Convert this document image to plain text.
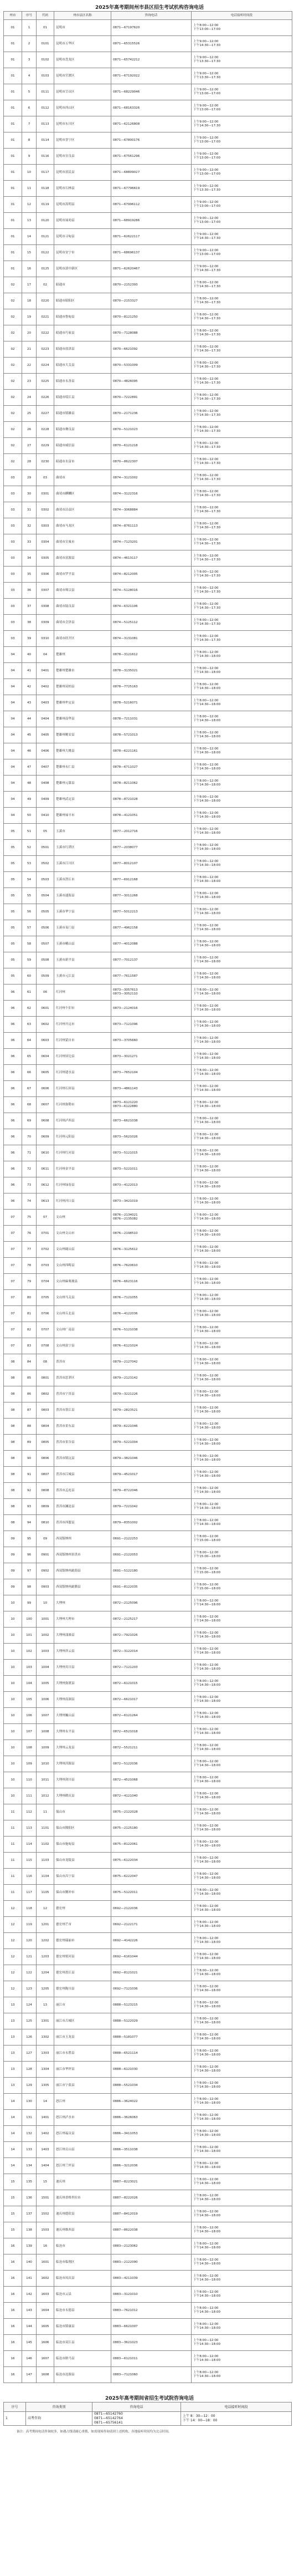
2025年高考期间州市县区招生考试机构咨询电话
州市	序号	代码	州市县区名称	咨询电话	电话接听时间段
01	1	01	昆明市	0871—67197620	上午8:00—12:00
下午13:00—17:00
01	2	0101	昆明市五华区	0871—65315526	上午9:00—12:00
下午14:30—17:30
01	3	0102	昆明市盘龙区	0871—65742212	上午9:00—12:00
下午13:30—17:30
01	4	0103	昆明市官渡区	0871—67192022	上午9:00—12:00
下午13:30—17:30
01	5	0111	昆明市呈贡区	0871—68229046	上午9:00—12:00
下午13:00—17:00
01	6	0112	昆明市西山区	0871—68163326	上午9:00—12:00
下午13:00—17:00
01	7	0113	昆明市东川区	0871—62126808	上午9:00—12:00
下午14:30—17:30
01	8	0114	昆明市晋宁区	0871—67800176	上午9:00—12:00
下午13:00—17:00
01	9	0116	昆明市宜良县	0871—67561296	上午9:00—12:00
下午13:00—17:00
01	10	0117	昆明市富民县	0871—68809027	上午9:00—12:00
下午13:00—17:00
01	11	0118	昆明市石林县	0871—67796619	上午9:00—12:00
下午13:30—17:30
01	12	0119	昆明市嵩明县	0871—67996112	上午9:00—12:00
下午13:00—17:00
01	13	0120	昆明市禄劝县	0871—68919286	上午9:00—12:00
下午13:00—17:00
01	14	0121	昆明市寻甸县	0871—62622117	上午9:00—12:00
下午14:30—17:30
01	15	0122	昆明市安宁市	0871—68696137	上午9:00—12:00
下午13:00—17:00
01	16	0125	昆明市滇中新区	0871—62620467	上午9:00—12:00
下午14:30—17:30
02	17	02	昭通市	0870—2152393	上午8:00—12:00
下午14:30—17:30
02	18	0220	昭通市昭阳区	0870—2153327	上午8:00—12:00
下午14:30—17:30
02	19	0221	昭通市鲁甸县	0870—8121250	上午8:00—12:00
下午14:30—17:30
02	20	0222	昭通市巧家县	0870—7128088	上午8:00—12:00
下午14:30—17:30
02	21	0223	昭通市盐津县	0870—6621092	上午8:00—12:00
下午14:30—17:30
02	22	0224	昭通市大关县	0870—5331009	上午8:00—12:00
下午14:30—17:30
02	23	0225	昭通市永善县	0870—4826095	上午8:00—12:00
下午14:30—17:30
02	24	0226	昭通市绥江县	0870—7222891	上午8:00—12:00
下午14:30—17:30
02	25	0227	昭通市镇雄县	0870—2171236	上午8:00—12:00
下午14:30—17:30
02	26	0228	昭通市彝良县	0870—5121023	上午8:00—12:00
下午14:30—17:30
02	27	0229	昭通市威信县	0870—6121218	上午8:00—12:00
下午14:30—17:30
02	28	0230	昭通市水富市	0870—8622307	上午8:00—12:00
下午14:30—17:30
03	29	03	曲靖市	0874—3121002	上午8:00—12:00
下午14:30—17:30
03	30	0301	曲靖市麒麟区	0874—3122316	上午8:00—12:00
下午14:30—17:30
03	31	0302	曲靖市沾益区	0874—3068884	上午8:00—12:00
下午14:30—17:30
03	32	0303	曲靖市马龙区	0874—8761113	上午8:00—12:00
下午14:30—17:30
03	33	0304	曲靖市宣威市	0874—7123201	上午8:00—12:00
下午14:30—17:30
03	34	0305	曲靖市富源县	0874—4613117	上午8:00—12:00
下午14:30—17:30
03	35	0306	曲靖市罗平县	0874—8212005	上午8:00—12:00
下午14:30—17:30
03	36	0307	曲靖市师宗县	0874—5128016	上午8:00—12:00
下午14:30—17:30
03	37	0308	曲靖市陆良县	0874—6321106	上午8:00—12:00
下午14:30—17:30
03	38	0309	曲靖市会泽县	0874—5125112	上午8:00—12:00
下午14:30—17:30
03	39	0310	曲靖市经开区	0874—3131081	上午8:00—12:00
下午14:30—17:30
04	40	04	楚雄州	0878—3121612	上午8:00—12:00
下午14:30—18:00
04	41	0401	楚雄州楚雄市	0878—3135021	上午8:00—12:00
下午14:30—18:00
04	42	0402	楚雄州双柏县	0878—7725163	上午8:00—12:00
下午14:30—18:00
04	43	0403	楚雄州牟定县	0878—5216071	上午8:00—12:00
下午14:30—18:00
04	44	0404	楚雄州南华县	0878—7211031	上午8:00—12:00
下午14:30—18:00
04	45	0405	楚雄州姚安县	0878—5721013	上午8:00—12:00
下午14:30—18:00
04	46	0406	楚雄州大姚县	0878—6221161	上午8:00—12:00
下午14:30—18:00
04	47	0407	楚雄州永仁县	0878—6711027	上午8:00—12:00
下午14:30—18:00
04	48	0408	楚雄州元谋县	0878—8211062	上午8:00—12:00
下午14:30—18:00
04	49	0409	楚雄州武定县	0878—8721028	上午8:00—12:00
下午14:30—18:00
04	50	0410	楚雄州禄丰市	0878—4121051	上午8:00—12:00
下午14:30—18:00
05	51	05	玉溪市	0877—2012716	上午8:00—12:00
下午14:30—18:00
05	52	0501	玉溪市红塔区	0877—2038077	上午8:00—12:00
下午14:30—18:00
05	53	0502	玉溪市江川区	0877—8012107	上午8:00—12:00
下午14:30—18:00
05	54	0503	玉溪市澄江市	0877—6912168	上午8:00—12:00
下午14:30—18:00
05	55	0504	玉溪市通海县	0877—3011268	上午8:00—12:00
下午14:30—18:00
05	56	0505	玉溪市华宁县	0877—5012213	上午8:00—12:00
下午14:30—18:00
05	57	0506	玉溪市易门县	0877—4962158	上午8:00—12:00
下午14:30—18:00
05	58	0507	玉溪市峨山县	0877—4012088	上午8:00—12:00
下午14:30—18:00
05	59	0508	玉溪市新平县	0877—7012137	上午8:00—12:00
下午14:30—18:00
05	60	0509	玉溪市元江县	0877—7611587	上午8:00—12:00
下午14:30—18:00
06	61	06	红河州	0873—3057613
0873—3052110	上午8:00—12:00
下午14:30—18:00
06	62	0601	红河州个旧市	0873—2124016	上午8:00—12:00
下午14:30—18:00
06	63	0602	红河州开远市	0873—7121096	上午8:00—12:00
下午14:30—18:00
06	64	0603	红河州蒙自市	0873—3705660	上午8:00—12:00
下午14:30—18:00
06	65	0604	红河州屏边县	0873—3021271	上午8:00—12:00
下午14:30—18:00
06	66	0605	红河州建水县	0873—7652104	上午8:00—12:00
下午14:30—18:00
06	67	0606	红河州石屏县	0873—4861143	上午8:00—12:00
下午14:30—18:00
06	68	0607	红河州弥勒市	0873—6121220
0873—6122880	上午8:00—12:00
下午14:30—18:00
06	69	0608	红河州泸西县	0873—6621038	上午8:00—12:00
下午14:30—18:00
06	70	0609	红河州元阳县	0873—5621026	上午8:00—12:00
下午14:30—18:00
06	71	0610	红河州红河县	0873—5121015	上午8:00—12:00
下午14:30—18:00
06	72	0611	红河州金平县	0873—5221011	上午8:00—12:00
下午14:30—18:00
06	73	0612	红河州绿春县	0873—4122013	上午8:00—12:00
下午14:30—18:00
06	74	0613	红河州河口县	0873—3421019	上午8:00—12:00
下午14:30—18:00
07	75	07	文山州	0876—2134021
0876—2135082	上午8:00—12:00
下午14:30—18:00
07	76	0701	文山州文山市	0876—2198510	上午8:00—12:00
下午14:30—18:00
07	77	0702	文山州砚山县	0876—3125612	上午8:00—12:00
下午14:30—18:00
07	78	0703	文山州西畴县	0876—7620610	上午8:00—12:00
下午14:30—18:00
07	79	0704	文山州麻栗坡县	0876—6623116	上午8:00—12:00
下午14:30—18:00
07	80	0705	文山州马关县	0876—7121055	上午8:00—12:00
下午14:30—18:00
07	81	0706	文山州丘北县	0876—4122036	上午8:00—12:00
下午14:30—18:00
07	82	0707	文山州广南县	0876—5121038	上午8:00—12:00
下午14:30—18:00
07	83	0708	文山州富宁县	0876—6121024	上午8:00—12:00
下午14:30—18:00
08	84	08	普洱市	0879—2127042	上午8:00—12:00
下午14:30—18:00
08	85	0801	普洱市思茅区	0879—2123142	上午8:00—12:00
下午14:30—18:00
08	86	0802	普洱市宁洱县	0879—3221226	上午8:00—12:00
下午14:30—18:00
08	87	0803	普洱市墨江县	0879—2823521	上午8:00—12:00
下午14:30—18:00
08	88	0804	普洱市景东县	0879—6221046	上午8:00—12:00
下午14:30—18:00
08	89	0805	普洱市景谷县	0879—5221004	上午8:00—12:00
下午14:30—18:00
08	90	0806	普洱市镇沅县	0879—3821046	上午8:00—12:00
下午14:30—18:00
08	91	0807	普洱市江城县	0879—4521017	上午8:00—12:00
下午14:30—18:00
08	92	0808	普洱市孟连县	0879—8722046	上午8:00—12:00
下午14:30—18:00
08	93	0809	普洱市澜沧县	0879—7221042	上午8:00—12:00
下午14:30—18:00
08	94	0810	普洱市西盟县	0879—8351002	上午8:00—12:00
下午14:30—18:00
09	95	09	西双版纳州	0691—2122253	上午8:00—12:00
下午15:00—18:00
09	96	0901	西双版纳州景洪市	0691—2122053	上午8:00—12:00
下午15:00—18:00
09	97	0902	西双版纳州勐海县	0691—5122180	上午8:00—12:00
下午15:00—18:00
09	98	0903	西双版纳州勐腊县	0691—8122035	上午8:00—12:00
下午15:00—18:00
10	99	10	大理州	0872—2125096	上午8:00—12:00
下午14:30—18:00
10	100	1001	大理州大理市	0872—2125217	上午8:00—12:00
下午14:30—18:00
10	101	1002	大理州漾濞县	0872—7921026	上午8:00—12:00
下午14:30—18:00
10	102	1003	大理州祥云县	0872—3122014	上午8:00—12:00
下午14:30—18:00
10	103	1004	大理州宾川县	0872—7121203	上午8:00—12:00
下午14:30—18:00
10	104	1005	大理州弥渡县	0872—6121015	上午8:00—12:00
下午14:30—18:00
10	105	1006	大理州南涧县	0872—6621017	上午8:00—12:00
下午14:30—18:00
10	106	1007	大理州巍山县	0872—6121264	上午8:00—12:00
下午14:30—18:00
10	107	1008	大理州永平县	0872—6521018	上午8:00—12:00
下午14:30—18:00
10	108	1009	大理州云龙县	0872—5521211	上午8:00—12:00
下午14:30—18:00
10	109	1010	大理州洱源县	0872—5122036	上午8:00—12:00
下午14:30—18:00
10	110	1011	大理州剑川县	0872—4521068	上午8:00—12:00
下午14:30—18:00
10	111	1012	大理州鹤庆县	0872—4121040	上午8:00—12:00
下午14:30—18:00
11	112	11	保山市	0875—2122028	上午8:00—12:00
下午14:30—18:00
11	113	1101	保山市隆阳区	0875—2125180	上午8:00—12:00
下午14:30—18:00
11	114	1102	保山市施甸县	0875—8122061	上午8:00—12:00
下午14:30—18:00
11	115	1103	保山市龙陵县	0875—6122034	上午8:00—12:00
下午14:30—18:00
11	116	1104	保山市昌宁县	0875—6222047	上午8:00—12:00
下午14:30—18:00
11	117	1105	保山市腾冲市	0875—5122011	上午8:00—12:00
下午14:30—18:00
12	118	12	德宏州	0692—2122036	上午8:00—12:00
下午14:30—18:00
12	119	1201	德宏州芒市	0692—2122171	上午8:00—12:00
下午14:30—18:00
12	120	1202	德宏州瑞丽市	0692—4142226	上午8:00—12:00
下午14:30—18:00
12	121	1203	德宏州梁河县	0692—6161044	上午8:00—12:00
下午14:30—18:00
12	122	1204	德宏州盈江县	0692—8121021	上午8:00—12:00
下午14:30—18:00
12	123	1205	德宏州陇川县	0692—7121036	上午8:00—12:00
下午14:30—18:00
13	124	13	丽江市	0888—5123215	上午8:00—12:00
下午14:30—18:00
13	125	1301	丽江市古城区	0888—5122029	上午8:00—12:00
下午14:30—18:00
13	126	1302	丽江市玉龙县	0888—5181077	上午8:00—12:00
下午14:30—18:00
13	127	1303	丽江市永胜县	0888—6521114	上午8:00—12:00
下午14:30—18:00
13	128	1304	丽江市华坪县	0888—6121030	上午8:00—12:00
下午14:30—18:00
13	129	1305	丽江市宁蒗县	0888—5521034	上午8:00—12:00
下午14:30—18:00
14	130	14	怒江州	0886—3624022	上午8:00—12:00
下午14:30—18:00
14	131	1401	怒江州泸水市	0886—3626063	上午8:00—12:00
下午14:30—18:00
14	132	1402	怒江州福贡县	0886—3411053	上午8:00—12:00
下午14:30—18:00
14	133	1403	怒江州贡山县	0886—3511038	上午8:00—12:00
下午14:30—18:00
14	134	1404	怒江州兰坪县	0886—3212036	上午8:00—12:00
下午14:30—18:00
15	135	15	迪庆州	0887—8223021	上午8:00—12:00
下午14:30—18:00
15	136	1501	迪庆州香格里拉市	0887—8222026	上午8:00—12:00
下午14:30—18:00
15	137	1502	迪庆州德钦县	0887—8412019	上午8:00—12:00
下午14:30—18:00
15	138	1503	迪庆州维西县	0887—8622038	上午8:00—12:00
下午14:30—18:00
16	139	16	临沧市	0883—2123062	上午8:00—12:00
下午14:30—18:00
16	140	1601	临沧市临翔区	0883—2122090	上午8:00—12:00
下午14:30—18:00
16	141	1602	临沧市凤庆县	0883—4211039	上午8:00—12:00
下午14:30—18:00
16	142	1603	临沧市云县	0883—3121010	上午8:00—12:00
下午14:30—18:00
16	143	1604	临沧市永德县	0883—7621012	上午8:00—12:00
下午14:30—18:00
16	144	1605	临沧市镇康县	0883—6621007	上午8:00—12:00
下午14:30—18:00
16	145	1606	临沧市双江县	0883—3621023	上午8:00—12:00
下午14:30—18:00
16	146	1607	临沧市耿马县	0883—6121011	上午8:00—12:00
下午14:30—18:00
16	147	1608	临沧市沧源县	0883—7121060	上午8:00—12:00
下午14:30—18:00
2025年高考期间省招生考试院咨询电话
序号	咨询类别	咨询电话	电话接听时间段
1	高考咨询	0871—65142760
0871—65142764
0871—65756141	上午 8：30—12：00
下午 14：00—18：00
备注：高考期间电话咨询较多，如遇占线请耐心重拨，如需现场咨询请到上述机构，各地接听时间均为北京时间。
